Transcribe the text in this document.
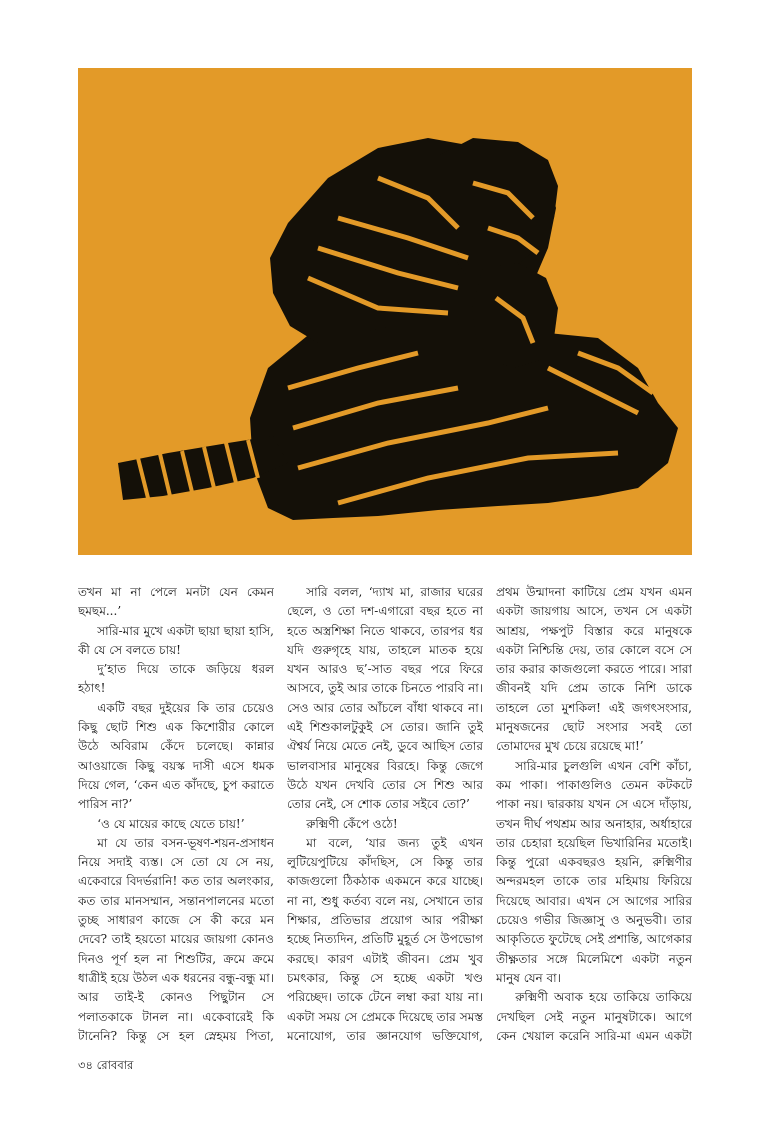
তখন মা না পেলে মনটা যেন কেমন ছমছম...’

সারি-মার মুখে একটা ছায়া ছায়া হাসি, কী যে সে বলতে চায়!

দু’হাত দিয়ে তাকে জড়িয়ে ধরল হঠাৎ!

একটি বছর দুইয়ের কি তার চেয়েও কিছু ছোট শিশু এক কিশোরীর কোলে উঠে অবিরাম কেঁদে চলেছে। কান্নার আওয়াজে কিছু বয়স্ক দাসী এসে ধমক দিয়ে গেল, ‘কেন এত কাঁদছে, চুপ করাতে পারিস না?’

‘ও যে মায়ের কাছে যেতে চায়!’

মা যে তার বসন-ভূষণ-শয়ন-প্রসাধন নিয়ে সদাই ব্যস্ত। সে তো যে সে নয়, একেবারে বিদর্ভরানি! কত তার অলংকার, কত তার মানসম্মান, সন্তানপালনের মতো তুচ্ছ সাধারণ কাজে সে কী করে মন দেবে? তাই হয়তো মায়ের জায়গা কোনও দিনও পূর্ণ হল না শিশুটির, ক্রমে ক্রমে ধাত্রীই হয়ে উঠল এক ধরনের বন্ধু-বন্ধু মা। আর তাই-ই কোনও পিছুটান সে পলাতকাকে টানল না। একেবারেই কি টানেনি? কিন্তু সে হল স্নেহময় পিতা,

সারি বলল, ‘দ্যাখ মা, রাজার ঘরের ছেলে, ও তো দশ-এগারো বছর হতে না হতে অস্ত্রশিক্ষা নিতে থাকবে, তারপর ধর যদি গুরুগৃহে যায়, তাহলে মাতক হয়ে যখন আরও ছ’-সাত বছর পরে ফিরে আসবে, তুই আর তাকে চিনতে পারবি না। সেও আর তোর আঁচলে বাঁধা থাকবে না। এই শিশুকালটুকুই সে তোর। জানি তুই ঐশ্বর্য নিয়ে মেতে নেই, ডুবে আছিস তোর ভালবাসার মানুষের বিরহে। কিন্তু জেগে উঠে যখন দেখবি তোর সে শিশু আর তোর নেই, সে শোক তোর সইবে তো?’

রুক্মিণী কেঁপে ওঠে!

মা বলে, ‘যার জন্য তুই এখন লুটিয়েপুটিয়ে কাঁদছিস, সে কিন্তু তার কাজগুলো ঠিকঠাক একমনে করে যাচ্ছে। না না, শুধু কর্তব্য বলে নয়, সেখানে তার শিক্ষার, প্রতিভার প্রয়োগ আর পরীক্ষা হচ্ছে নিত্যদিন, প্রতিটি মুহূর্ত সে উপভোগ করছে। কারণ এটাই জীবন। প্রেম খুব চমৎকার, কিন্তু সে হচ্ছে একটা খণ্ড পরিচ্ছেদ। তাকে টেনে লম্বা করা যায় না। একটা সময় সে প্রেমকে দিয়েছে তার সমস্ত মনোযোগ, তার জ্ঞানযোগ ভক্তিযোগ,

প্রথম উন্মাদনা কাটিয়ে প্রেম যখন এমন একটা জায়গায় আসে, তখন সে একটা আশ্রয়, পক্ষপুট বিস্তার করে মানুষকে একটা নিশ্চিন্তি দেয়, তার কোলে বসে সে তার করার কাজগুলো করতে পারে। সারা জীবনই যদি প্রেম তাকে নিশি ডাকে তাহলে তো মুশকিল! এই জগৎসংসার, মানুষজনের ছোট সংসার সবই তো তোমাদের মুখ চেয়ে রয়েছে মা!’

সারি-মার চুলগুলি এখন বেশি কাঁচা, কম পাকা। পাকাগুলিও তেমন কটকটে পাকা নয়। দ্বারকায় যখন সে এসে দাঁড়ায়, তখন দীর্ঘ পথশ্রম আর অনাহার, অর্ধাহারে তার চেহারা হয়েছিল ভিখারিনির মতোই। কিন্তু পুরো একবছরও হয়নি, রুক্মিণীর অন্দরমহল তাকে তার মহিমায় ফিরিয়ে দিয়েছে আবার। এখন সে আগের সারির চেয়েও গভীর জিজ্ঞাসু ও অনুভবী। তার আকৃতিতে ফুটেছে সেই প্রশান্তি, আগেকার তীক্ষ্ণতার সঙ্গে মিলেমিশে একটা নতুন মানুষ যেন বা।

রুক্মিণী অবাক হয়ে তাকিয়ে তাকিয়ে দেখছিল সেই নতুন মানুষটাকে। আগে কেন খেয়াল করেনি সারি-মা এমন একটা

৩৪ রোববার
